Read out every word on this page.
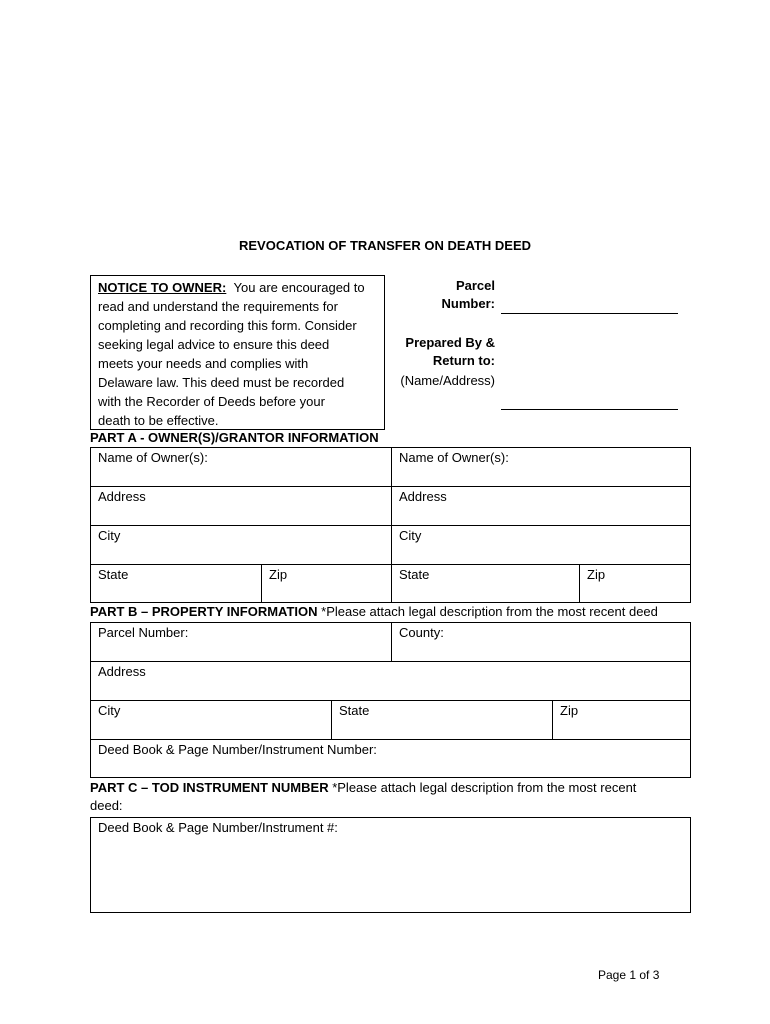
REVOCATION OF TRANSFER ON DEATH DEED
NOTICE TO OWNER: You are encouraged to
read and understand the requirements for
completing and recording this form. Consider
seeking legal advice to ensure this deed
meets your needs and complies with
Delaware law. This deed must be recorded
with the Recorder of Deeds before your
death to be effective.
Parcel
Number:
Prepared By &
Return to:
(Name/Address)
PART A - OWNER(S)/GRANTOR INFORMATION
Name of Owner(s):	Name of Owner(s):
Address	Address
City	City
State	Zip	State	Zip
PART B – PROPERTY INFORMATION *Please attach legal description from the most recent deed
Parcel Number:	County:
Address
City	State	Zip
Deed Book & Page Number/Instrument Number:
PART C – TOD INSTRUMENT NUMBER *Please attach legal description from the most recent
deed:
Deed Book & Page Number/Instrument #:
Page 1 of 3
